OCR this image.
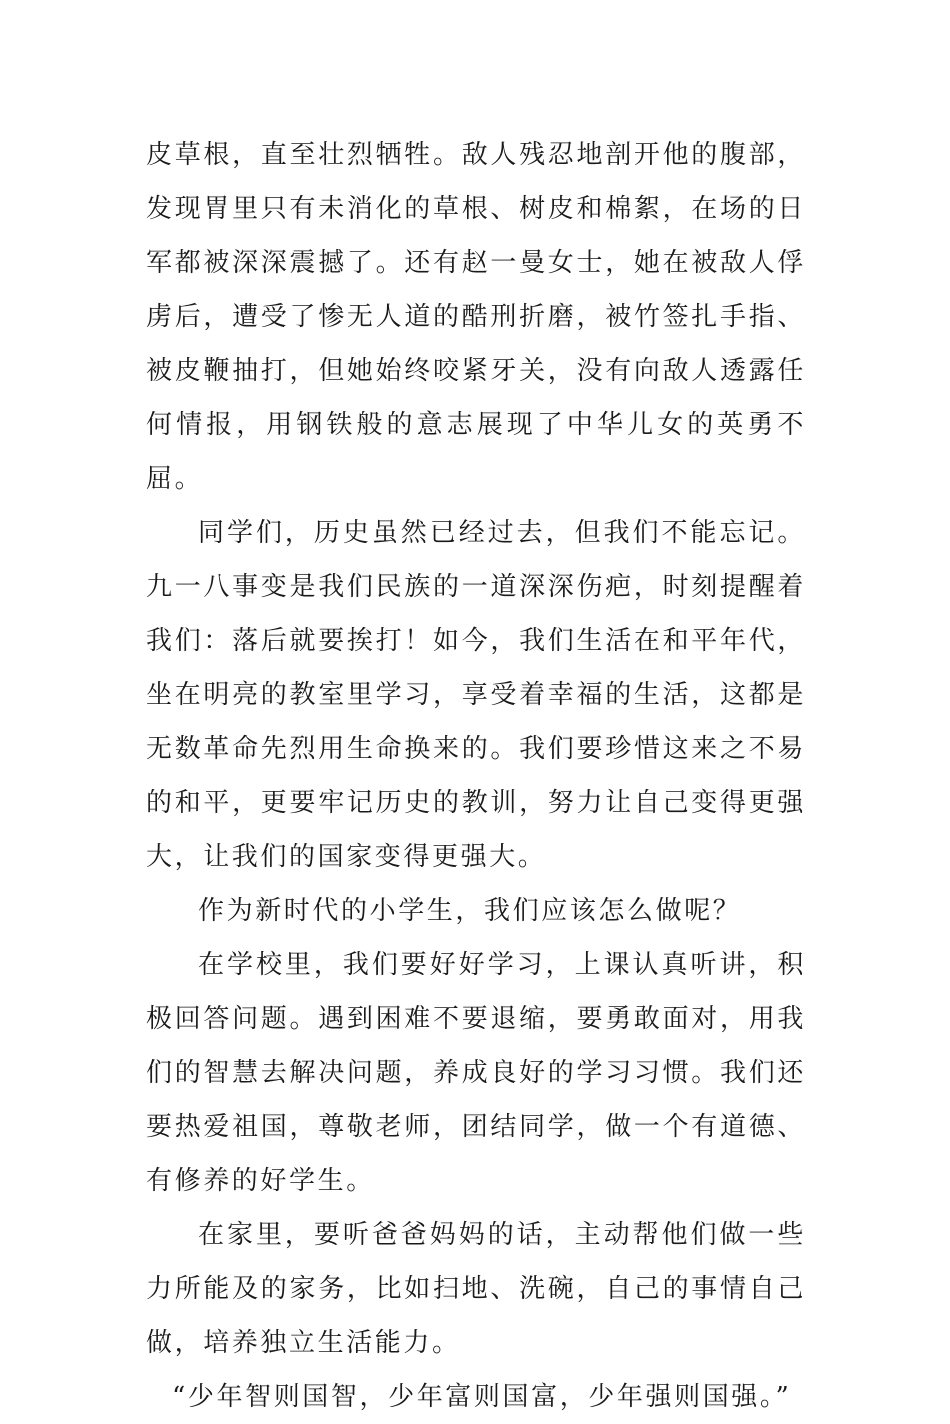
皮草根，直至壮烈牺牲。敌人残忍地剖开他的腹部，发现胃里只有未消化的草根、树皮和棉絮，在场的日军都被深深震撼了。还有赵一曼女士，她在被敌人俘虏后，遭受了惨无人道的酷刑折磨，被竹签扎手指、被皮鞭抽打，但她始终咬紧牙关，没有向敌人透露任何情报，用钢铁般的意志展现了中华儿女的英勇不屈。

同学们，历史虽然已经过去，但我们不能忘记。九一八事变是我们民族的一道深深伤疤，时刻提醒着我们：落后就要挨打！如今，我们生活在和平年代，坐在明亮的教室里学习，享受着幸福的生活，这都是无数革命先烈用生命换来的。我们要珍惜这来之不易的和平，更要牢记历史的教训，努力让自己变得更强大，让我们的国家变得更强大。

作为新时代的小学生，我们应该怎么做呢？

在学校里，我们要好好学习，上课认真听讲，积极回答问题。遇到困难不要退缩，要勇敢面对，用我们的智慧去解决问题，养成良好的学习习惯。我们还要热爱祖国，尊敬老师，团结同学，做一个有道德、有修养的好学生。

在家里，要听爸爸妈妈的话，主动帮他们做一些力所能及的家务，比如扫地、洗碗，自己的事情自己做，培养独立生活能力。

“少年智则国智，少年富则国富，少年强则国强。”
